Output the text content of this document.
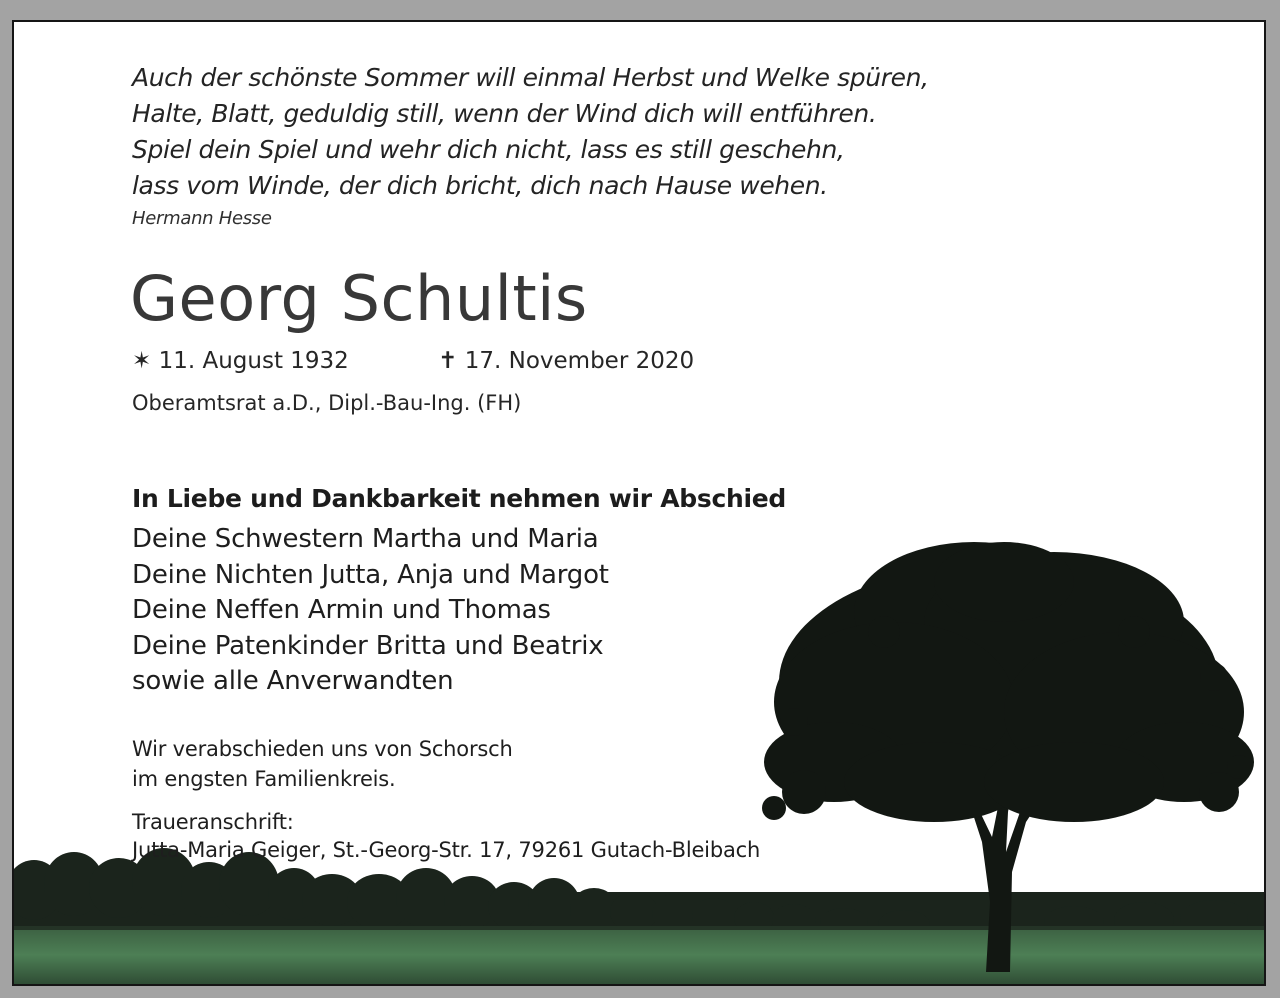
Auch der schönste Sommer will einmal Herbst und Welke spüren,
Halte, Blatt, geduldig still, wenn der Wind dich will entführen.
Spiel dein Spiel und wehr dich nicht, lass es still geschehn,
lass vom Winde, der dich bricht, dich nach Hause wehen.
Hermann Hesse
Georg Schultis
✶ 11. August 1932	✝ 17. November 2020
Oberamtsrat a.D., Dipl.-Bau-Ing. (FH)
In Liebe und Dankbarkeit nehmen wir Abschied
Deine Schwestern Martha und Maria
Deine Nichten Jutta, Anja und Margot
Deine Neffen Armin und Thomas
Deine Patenkinder Britta und Beatrix
sowie alle Anverwandten
Wir verabschieden uns von Schorsch
im engsten Familienkreis.
Traueranschrift:
Jutta-Maria Geiger, St.-Georg-Str. 17, 79261 Gutach-Bleibach
